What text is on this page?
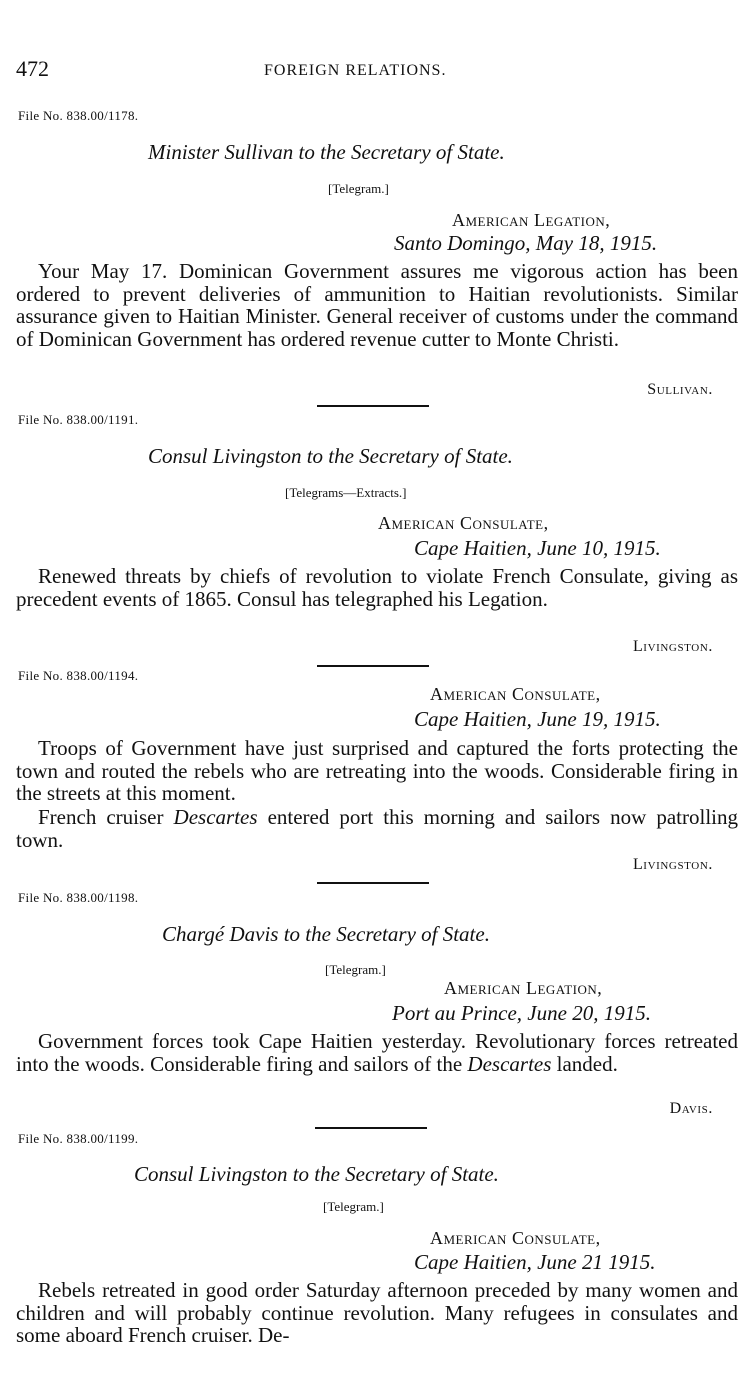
472	FOREIGN RELATIONS.
File No. 838.00/1178.
Minister Sullivan to the Secretary of State.
[Telegram.]
American Legation,
Santo Domingo, May 18, 1915.
Your May 17. Dominican Government assures me vigorous action has been ordered to prevent deliveries of ammunition to Haitian revolutionists. Similar assurance given to Haitian Minister. General receiver of customs under the command of Dominican Government has ordered revenue cutter to Monte Christi.
Sullivan.
File No. 838.00/1191.
Consul Livingston to the Secretary of State.
[Telegrams—Extracts.]
American Consulate,
Cape Haitien, June 10, 1915.
Renewed threats by chiefs of revolution to violate French Consulate, giving as precedent events of 1865. Consul has telegraphed his Legation.
Livingston.
File No. 838.00/1194.
American Consulate,
Cape Haitien, June 19, 1915.
Troops of Government have just surprised and captured the forts protecting the town and routed the rebels who are retreating into the woods. Considerable firing in the streets at this moment.
French cruiser Descartes entered port this morning and sailors now patrolling town.
Livingston.
File No. 838.00/1198.
Chargé Davis to the Secretary of State.
[Telegram.]
American Legation,
Port au Prince, June 20, 1915.
Government forces took Cape Haitien yesterday. Revolutionary forces retreated into the woods. Considerable firing and sailors of the Descartes landed.
Davis.
File No. 838.00/1199.
Consul Livingston to the Secretary of State.
[Telegram.]
American Consulate,
Cape Haitien, June 21 1915.
Rebels retreated in good order Saturday afternoon preceded by many women and children and will probably continue revolution. Many refugees in consulates and some aboard French cruiser. De-
